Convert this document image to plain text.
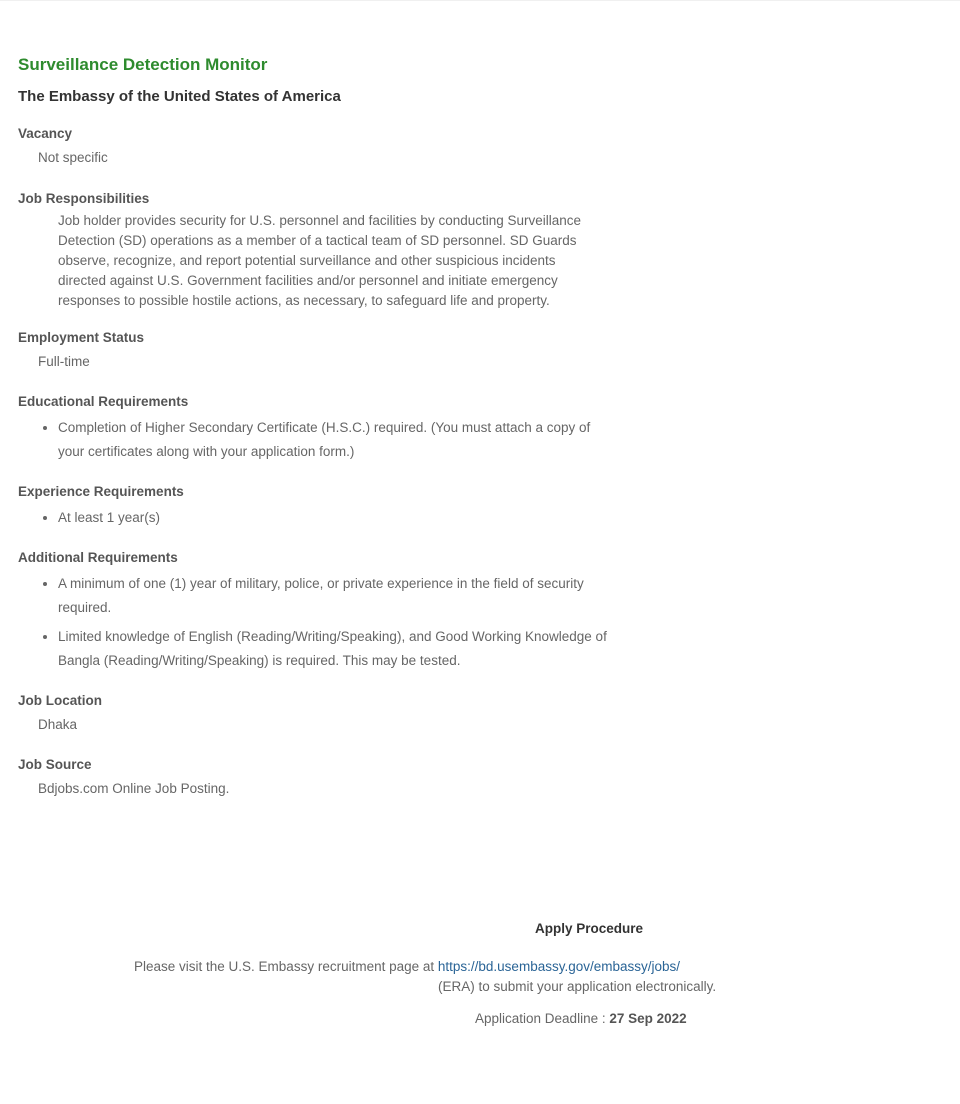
Surveillance Detection Monitor
The Embassy of the United States of America
Vacancy
Not specific
Job Responsibilities
Job holder provides security for U.S. personnel and facilities by conducting Surveillance Detection (SD) operations as a member of a tactical team of SD personnel. SD Guards observe, recognize, and report potential surveillance and other suspicious incidents directed against U.S. Government facilities and/or personnel and initiate emergency responses to possible hostile actions, as necessary, to safeguard life and property.
Employment Status
Full-time
Educational Requirements
• Completion of Higher Secondary Certificate (H.S.C.) required. (You must attach a copy of your certificates along with your application form.)
Experience Requirements
• At least 1 year(s)
Additional Requirements
• A minimum of one (1) year of military, police, or private experience in the field of security required.
• Limited knowledge of English (Reading/Writing/Speaking), and Good Working Knowledge of Bangla (Reading/Writing/Speaking) is required. This may be tested.
Job Location
Dhaka
Job Source
Bdjobs.com Online Job Posting.
Apply Procedure
Please visit the U.S. Embassy recruitment page at https://bd.usembassy.gov/embassy/jobs/
(ERA) to submit your application electronically.
Application Deadline : 27 Sep 2022
